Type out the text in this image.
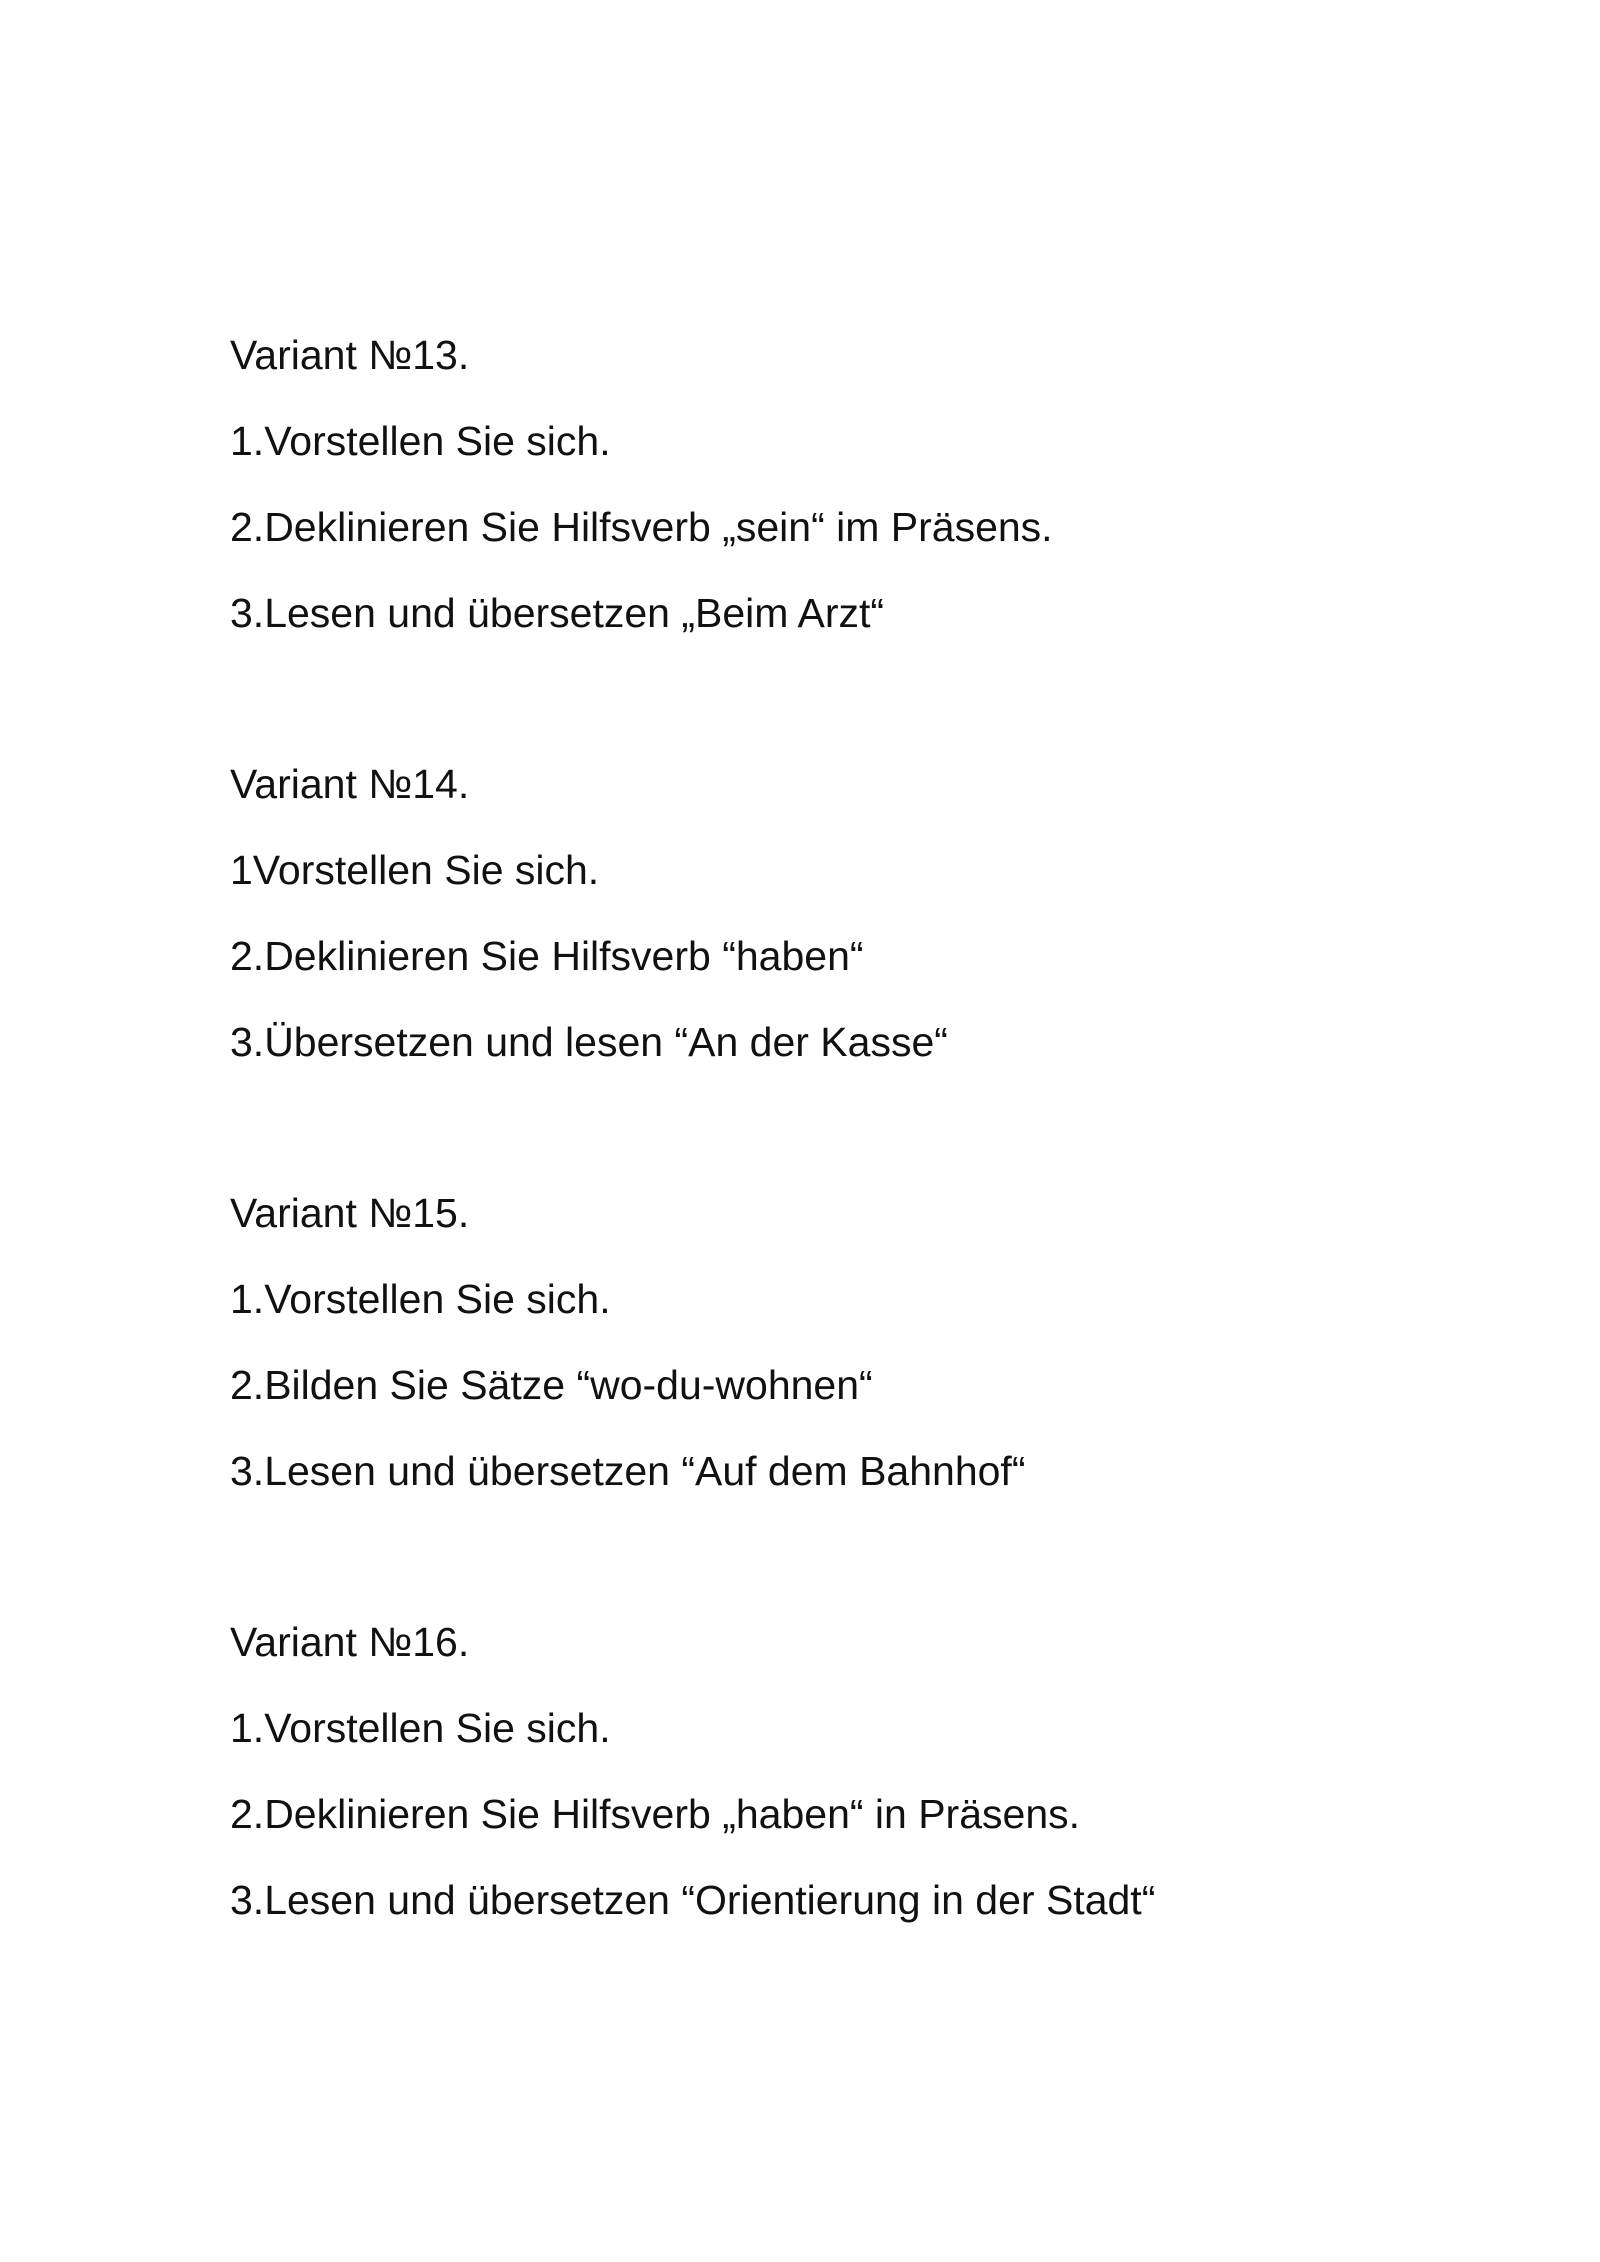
Variant №13.

1.Vorstellen Sie sich.

2.Deklinieren Sie Hilfsverb „sein“ im Präsens.

3.Lesen und übersetzen „Beim Arzt“

Variant №14.

1Vorstellen Sie sich.

2.Deklinieren Sie Hilfsverb “haben“

3.Übersetzen und lesen “An der Kasse“

Variant №15.

1.Vorstellen Sie sich.

2.Bilden Sie Sätze “wo-du-wohnen“

3.Lesen und übersetzen “Auf dem Bahnhof“

Variant №16.

1.Vorstellen Sie sich.

2.Deklinieren Sie Hilfsverb „haben“ in Präsens.

3.Lesen und übersetzen “Orientierung in der Stadt“
